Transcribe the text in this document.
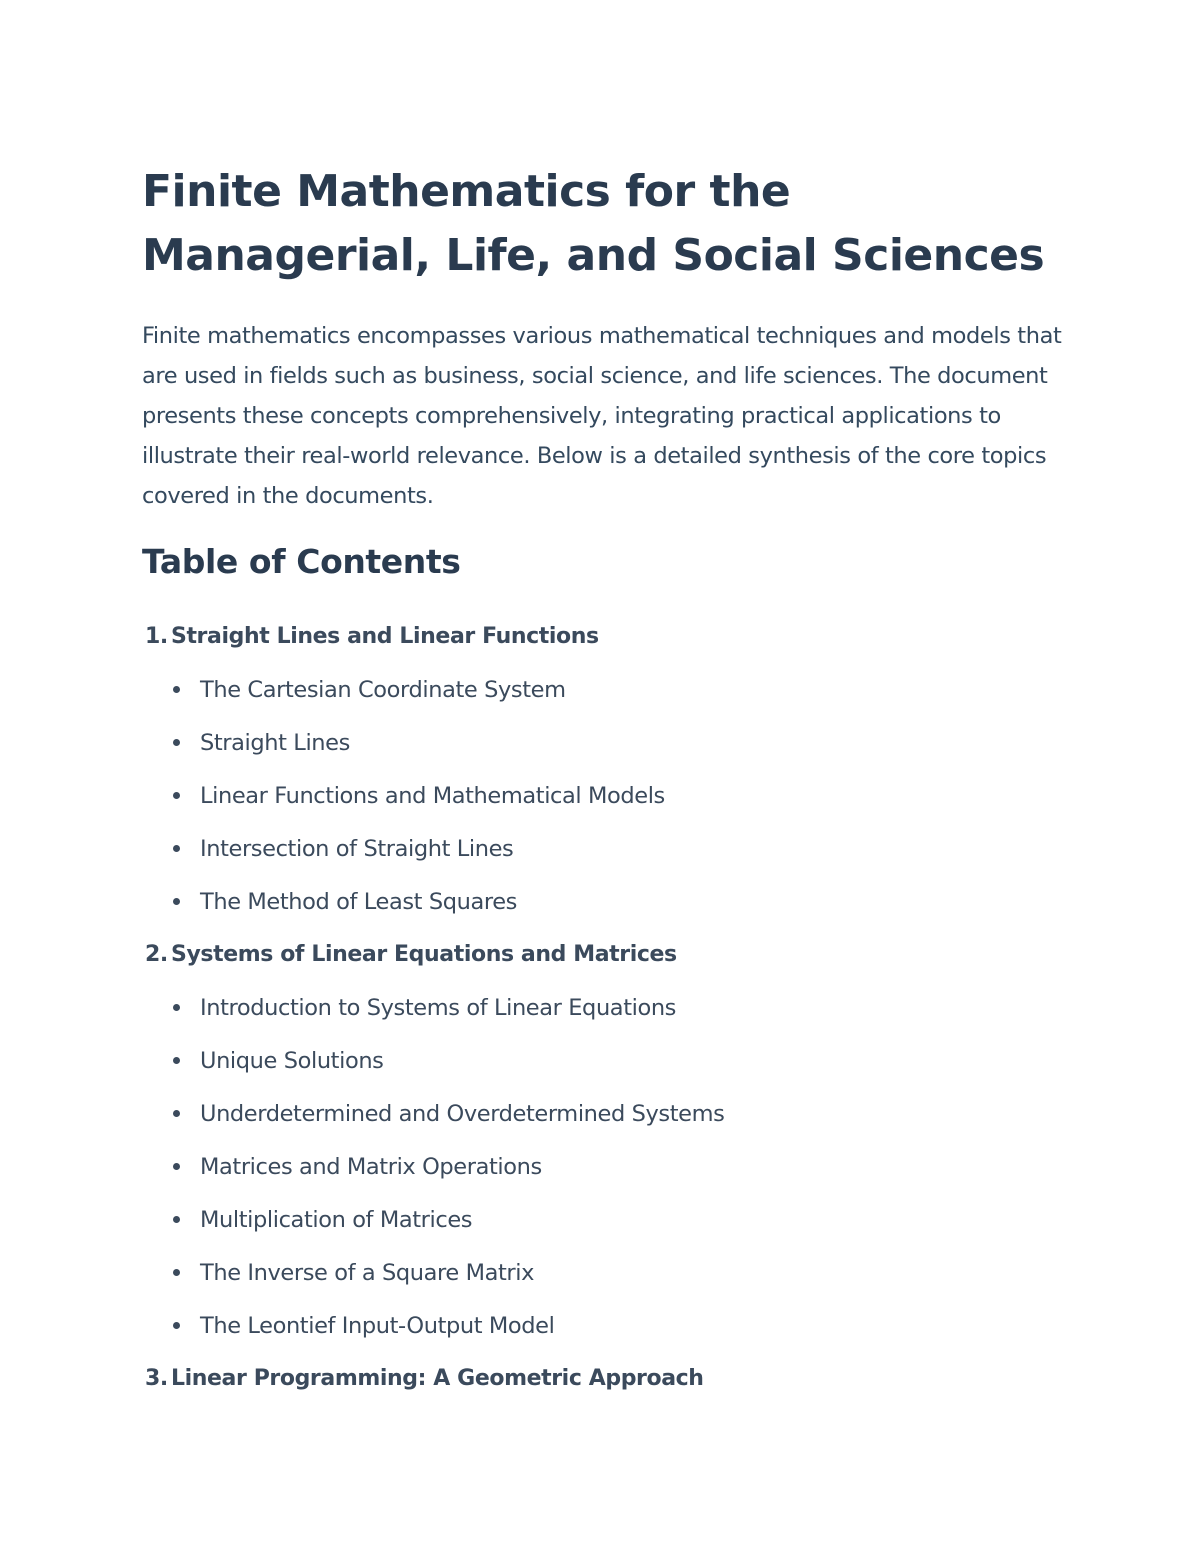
Finite Mathematics for the Managerial, Life, and Social Sciences

Finite mathematics encompasses various mathematical techniques and models that are used in fields such as business, social science, and life sciences. The document presents these concepts comprehensively, integrating practical applications to illustrate their real-world relevance. Below is a detailed synthesis of the core topics covered in the documents.

Table of Contents
1. Straight Lines and Linear Functions
The Cartesian Coordinate System
Straight Lines
Linear Functions and Mathematical Models
Intersection of Straight Lines
The Method of Least Squares
2. Systems of Linear Equations and Matrices
Introduction to Systems of Linear Equations
Unique Solutions
Underdetermined and Overdetermined Systems
Matrices and Matrix Operations
Multiplication of Matrices
The Inverse of a Square Matrix
The Leontief Input-Output Model
3. Linear Programming: A Geometric Approach
